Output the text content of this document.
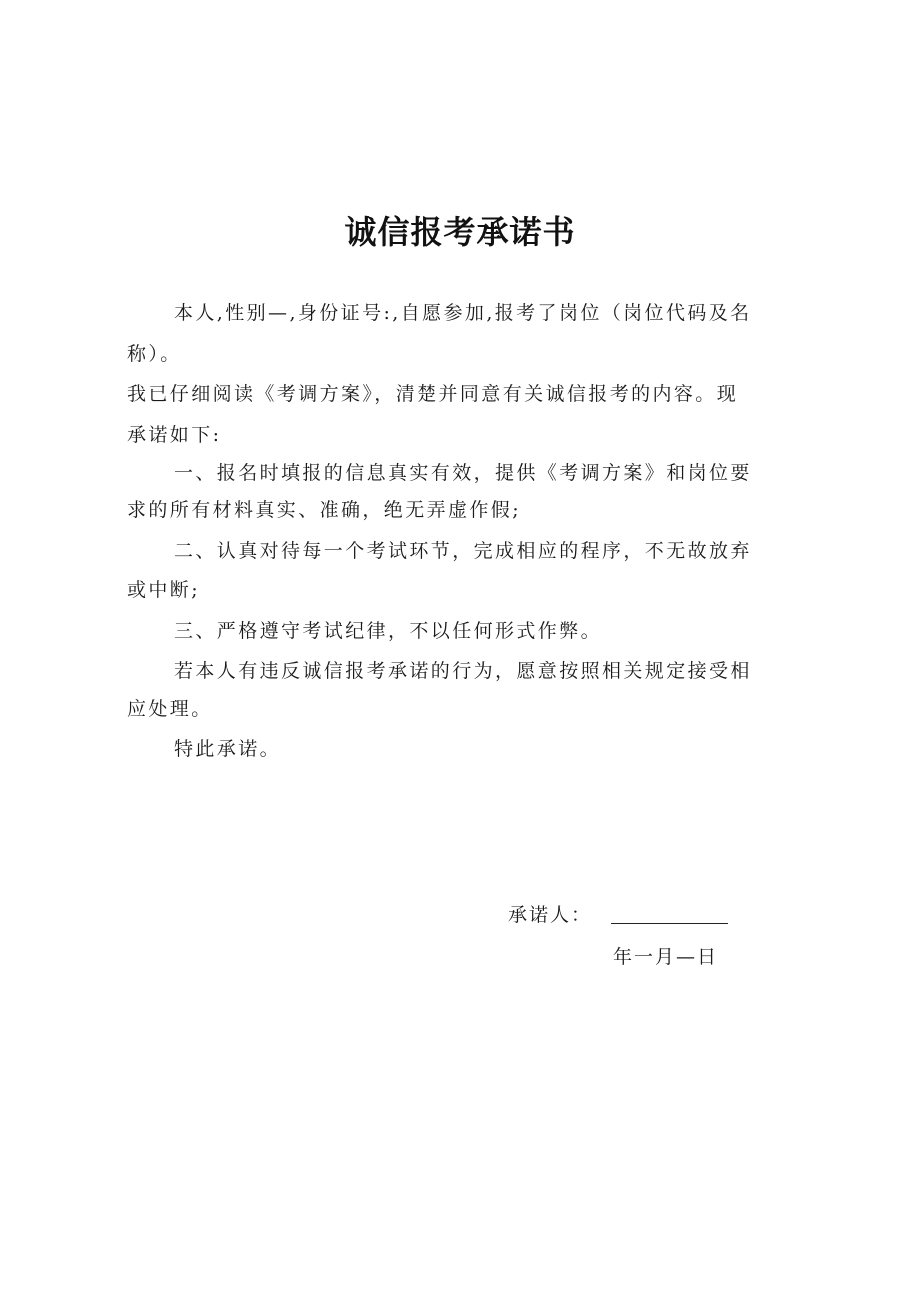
诚信报考承诺书
本人,性别—,身份证号:,自愿参加,报考了岗位（岗位代码及名
称）。
我已仔细阅读《考调方案》，清楚并同意有关诚信报考的内容。现
承诺如下:
一、报名时填报的信息真实有效，提供《考调方案》和岗位要
求的所有材料真实、准确，绝无弄虚作假;
二、认真对待每一个考试环节，完成相应的程序，不无故放弃
或中断;
三、严格遵守考试纪律，不以任何形式作弊。
若本人有违反诚信报考承诺的行为，愿意按照相关规定接受相
应处理。
特此承诺。
承诺人：
年一月—日
